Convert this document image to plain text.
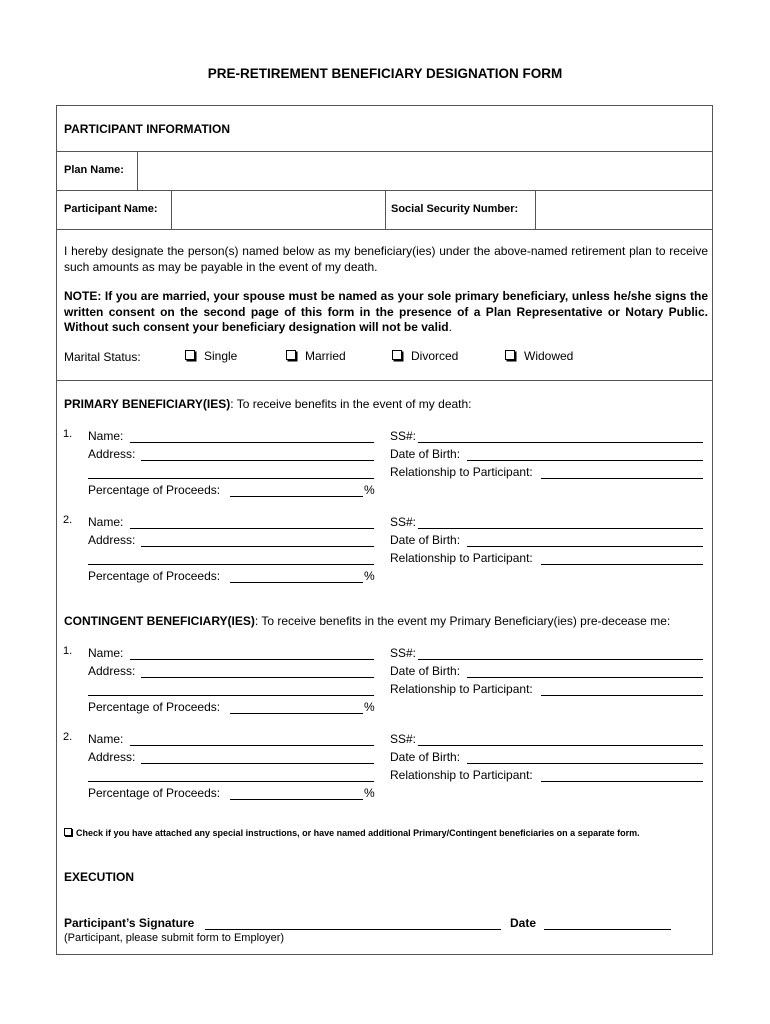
PRE-RETIREMENT BENEFICIARY DESIGNATION FORM
PARTICIPANT INFORMATION
Plan Name:
Participant Name:	Social Security Number:
I hereby designate the person(s) named below as my beneficiary(ies) under the above-named retirement plan to receive such amounts as may be payable in the event of my death.
NOTE: If you are married, your spouse must be named as your sole primary beneficiary, unless he/she signs the written consent on the second page of this form in the presence of a Plan Representative or Notary Public. Without such consent your beneficiary designation will not be valid.
Marital Status:	Single	Married	Divorced	Widowed
PRIMARY BENEFICIARY(IES): To receive benefits in the event of my death:
1. Name:
Address:
Percentage of Proceeds:	%
SS#:
Date of Birth:
Relationship to Participant:
2. Name:
Address:
Percentage of Proceeds:	%
SS#:
Date of Birth:
Relationship to Participant:
CONTINGENT BENEFICIARY(IES): To receive benefits in the event my Primary Beneficiary(ies) pre-decease me:
1. Name:
Address:
Percentage of Proceeds:	%
SS#:
Date of Birth:
Relationship to Participant:
2. Name:
Address:
Percentage of Proceeds:	%
SS#:
Date of Birth:
Relationship to Participant:
Check if you have attached any special instructions, or have named additional Primary/Contingent beneficiaries on a separate form.
EXECUTION
Participant’s Signature	Date
(Participant, please submit form to Employer)
